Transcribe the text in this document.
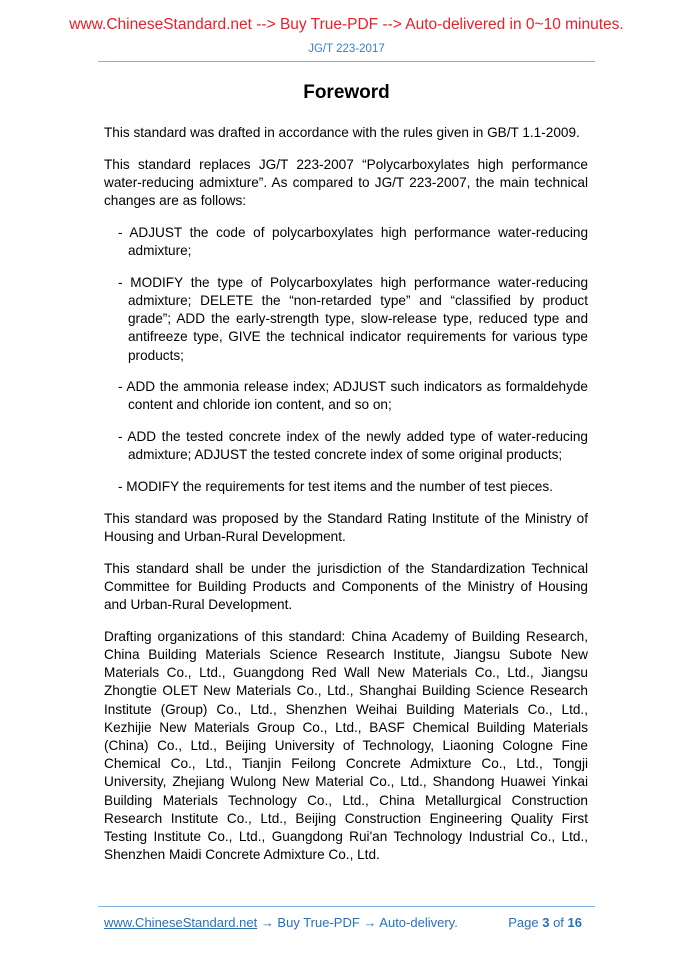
www.ChineseStandard.net --> Buy True-PDF --> Auto-delivered in 0~10 minutes.
JG/T 223-2017
Foreword
This standard was drafted in accordance with the rules given in GB/T 1.1-2009.
This standard replaces JG/T 223-2007 “Polycarboxylates high performance water-reducing admixture”. As compared to JG/T 223-2007, the main technical changes are as follows:
- ADJUST the code of polycarboxylates high performance water-reducing admixture;
- MODIFY the type of Polycarboxylates high performance water-reducing admixture; DELETE the “non-retarded type” and “classified by product grade”; ADD the early-strength type, slow-release type, reduced type and antifreeze type, GIVE the technical indicator requirements for various type products;
- ADD the ammonia release index; ADJUST such indicators as formaldehyde content and chloride ion content, and so on;
- ADD the tested concrete index of the newly added type of water-reducing admixture; ADJUST the tested concrete index of some original products;
- MODIFY the requirements for test items and the number of test pieces.
This standard was proposed by the Standard Rating Institute of the Ministry of Housing and Urban-Rural Development.
This standard shall be under the jurisdiction of the Standardization Technical Committee for Building Products and Components of the Ministry of Housing and Urban-Rural Development.
Drafting organizations of this standard: China Academy of Building Research, China Building Materials Science Research Institute, Jiangsu Subote New Materials Co., Ltd., Guangdong Red Wall New Materials Co., Ltd., Jiangsu Zhongtie OLET New Materials Co., Ltd., Shanghai Building Science Research Institute (Group) Co., Ltd., Shenzhen Weihai Building Materials Co., Ltd., Kezhijie New Materials Group Co., Ltd., BASF Chemical Building Materials (China) Co., Ltd., Beijing University of Technology, Liaoning Cologne Fine Chemical Co., Ltd., Tianjin Feilong Concrete Admixture Co., Ltd., Tongji University, Zhejiang Wulong New Material Co., Ltd., Shandong Huawei Yinkai Building Materials Technology Co., Ltd., China Metallurgical Construction Research Institute Co., Ltd., Beijing Construction Engineering Quality First Testing Institute Co., Ltd., Guangdong Rui'an Technology Industrial Co., Ltd., Shenzhen Maidi Concrete Admixture Co., Ltd.
www.ChineseStandard.net → Buy True-PDF → Auto-delivery.	Page 3 of 16
